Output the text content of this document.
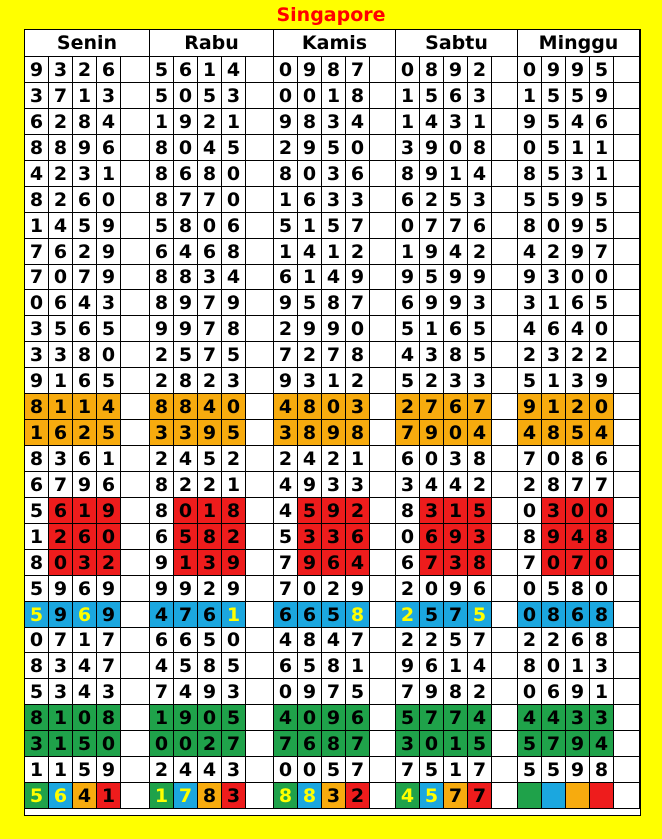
Singapore
Senin	Rabu	Kamis	Sabtu	Minggu
9 3 2 6	5 6 1 4	0 9 8 7	0 8 9 2	0 9 9 5
3 7 1 3	5 0 5 3	0 0 1 8	1 5 6 3	1 5 5 9
6 2 8 4	1 9 2 1	9 8 3 4	1 4 3 1	9 5 4 6
8 8 9 6	8 0 4 5	2 9 5 0	3 9 0 8	0 5 1 1
4 2 3 1	8 6 8 0	8 0 3 6	8 9 1 4	8 5 3 1
8 2 6 0	8 7 7 0	1 6 3 3	6 2 5 3	5 5 9 5
1 4 5 9	5 8 0 6	5 1 5 7	0 7 7 6	8 0 9 5
7 6 2 9	6 4 6 8	1 4 1 2	1 9 4 2	4 2 9 7
7 0 7 9	8 8 3 4	6 1 4 9	9 5 9 9	9 3 0 0
0 6 4 3	8 9 7 9	9 5 8 7	6 9 9 3	3 1 6 5
3 5 6 5	9 9 7 8	2 9 9 0	5 1 6 5	4 6 4 0
3 3 8 0	2 5 7 5	7 2 7 8	4 3 8 5	2 3 2 2
9 1 6 5	2 8 2 3	9 3 1 2	5 2 3 3	5 1 3 9
8 1 1 4	8 8 4 0	4 8 0 3	2 7 6 7	9 1 2 0
1 6 2 5	3 3 9 5	3 8 9 8	7 9 0 4	4 8 5 4
8 3 6 1	2 4 5 2	2 4 2 1	6 0 3 8	7 0 8 6
6 7 9 6	8 2 2 1	4 9 3 3	3 4 4 2	2 8 7 7
5 6 1 9	8 0 1 8	4 5 9 2	8 3 1 5	0 3 0 0
1 2 6 0	6 5 8 2	5 3 3 6	0 6 9 3	8 9 4 8
8 0 3 2	9 1 3 9	7 9 6 4	6 7 3 8	7 0 7 0
5 9 6 9	9 9 2 9	7 0 2 9	2 0 9 6	0 5 8 0
5 9 6 9	4 7 6 1	6 6 5 8	2 5 7 5	0 8 6 8
0 7 1 7	6 6 5 0	4 8 4 7	2 2 5 7	2 2 6 8
8 3 4 7	4 5 8 5	6 5 8 1	9 6 1 4	8 0 1 3
5 3 4 3	7 4 9 3	0 9 7 5	7 9 8 2	0 6 9 1
8 1 0 8	1 9 0 5	4 0 9 6	5 7 7 4	4 4 3 3
3 1 5 0	0 0 2 7	7 6 8 7	3 0 1 5	5 7 9 4
1 1 5 9	2 4 4 3	0 0 5 7	7 5 1 7	5 5 9 8
5 6 4 1	1 7 8 3	8 8 3 2	4 5 7 7
